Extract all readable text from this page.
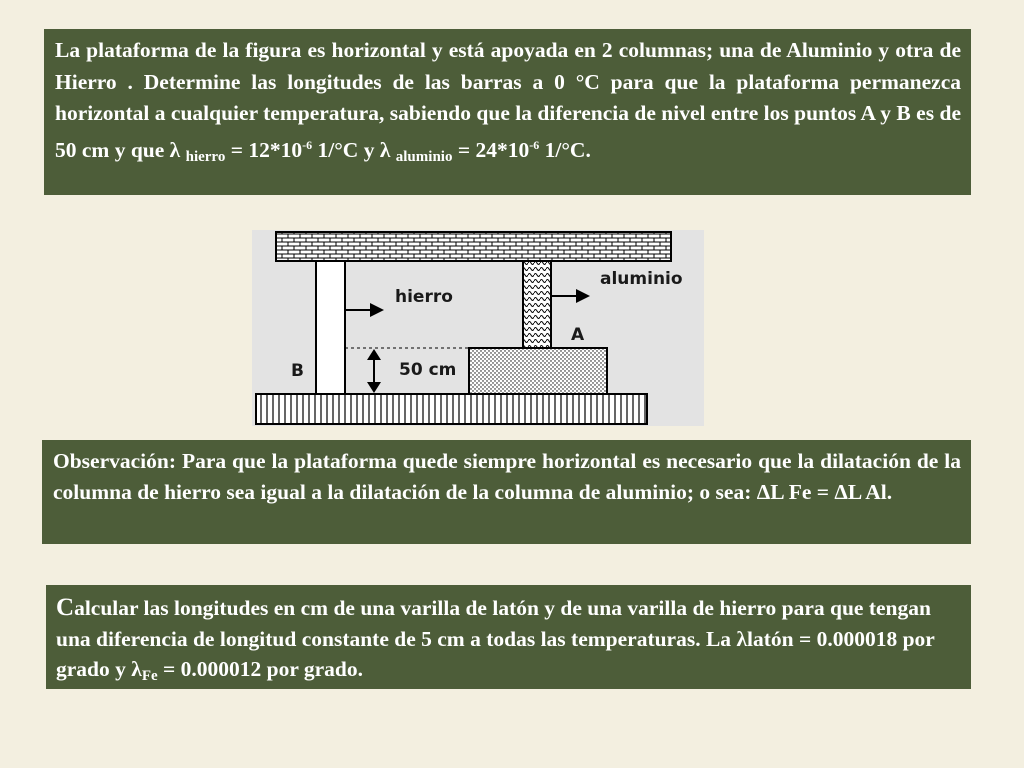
La plataforma de la figura es horizontal y está apoyada en 2 columnas; una de Aluminio y otra de Hierro . Determine las longitudes de las barras a 0 °C para que la plataforma permanezca horizontal a cualquier temperatura, sabiendo que la diferencia de nivel entre los puntos A y B es de 50 cm y que λ $_{hierro} = 12*10^{-6}$ 1/°C y λ $_{aluminio} = 24*10^{-6}$ 1/°C.
hierro
aluminio
A
B	50 cm
Observación: Para que la plataforma quede siempre horizontal es necesario que la dilatación de la columna de hierro sea igual a la dilatación de la columna de aluminio; o sea: ΔL Fe = ΔL Al.
Calcular las longitudes en cm de una varilla de latón y de una varilla de hierro para que tengan una diferencia de longitud constante de 5 cm a todas las temperaturas. La λlatón = 0.000018 por grado y $\lambda_{Fe} = 0.000012$ por grado.
